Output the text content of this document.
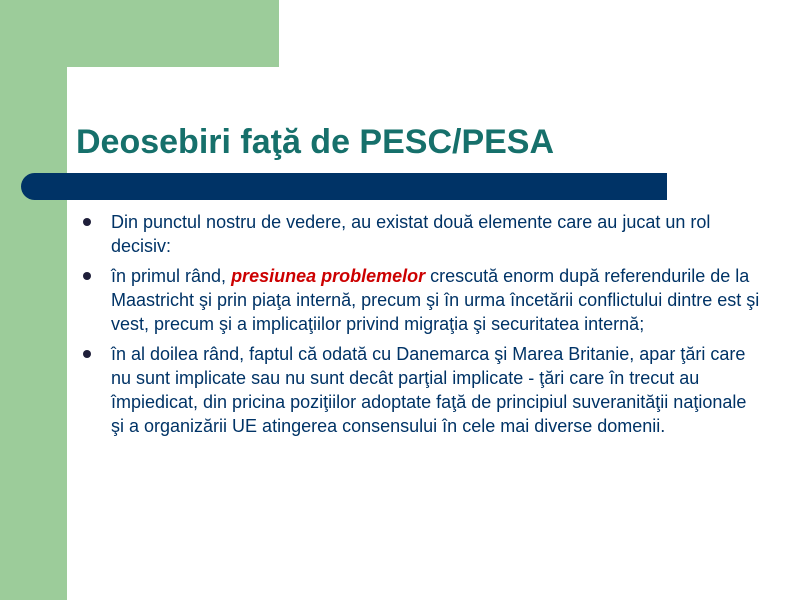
Deosebiri faţă de PESC/PESA
Din punctul nostru de vedere, au existat două elemente care au jucat un rol decisiv:
în primul rând, presiunea problemelor crescută enorm după referendurile de la Maastricht şi prin piaţa internă, precum şi în urma încetării conflictului dintre est şi vest, precum şi a implicaţiilor privind migraţia şi securitatea internă;
în al doilea rând, faptul că odată cu Danemarca şi Marea Britanie, apar ţări care nu sunt implicate sau nu sunt decât parţial implicate - ţări care în trecut au împiedicat, din pricina poziţiilor adoptate faţă de principiul suveranităţii naţionale şi a organizării UE atingerea consensului în cele mai diverse domenii.
